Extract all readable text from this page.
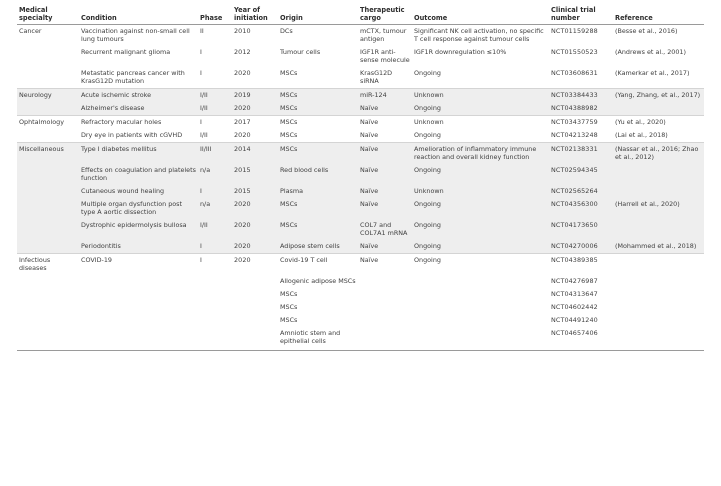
Medical specialty	Condition	Phase	Year of initiation	Origin	Therapeutic cargo	Outcome	Clinical trial number	Reference
Cancer	Vaccination against non-small cell lung tumours	II	2010	DCs	mCTX, tumour antigen	Significant NK cell activation, no specific T cell response against tumour cells	NCT01159288	(Besse et al., 2016)
	Recurrent malignant glioma	I	2012	Tumour cells	IGF1R anti-sense molecule	IGF1R downregulation ≤10%	NCT01550523	(Andrews et al., 2001)
	Metastatic pancreas cancer with KrasG12D mutation	I	2020	MSCs	KrasG12D siRNA	Ongoing	NCT03608631	(Kamerkar et al., 2017)
Neurology	Acute ischemic stroke	I/II	2019	MSCs	miR-124	Unknown	NCT03384433	(Yang, Zhang, et al., 2017)
	Alzheimer's disease	I/II	2020	MSCs	Naïve	Ongoing	NCT04388982	
Ophtalmology	Refractory macular holes	I	2017	MSCs	Naïve	Unknown	NCT03437759	(Yu et al., 2020)
	Dry eye in patients with cGVHD	I/II	2020	MSCs	Naïve	Ongoing	NCT04213248	(Lai et al., 2018)
Miscellaneous	Type I diabetes mellitus	II/III	2014	MSCs	Naïve	Amelioration of inflammatory immune reaction and overall kidney function	NCT02138331	(Nassar et al., 2016; Zhao et al., 2012)
	Effects on coagulation and platelets function	n/a	2015	Red blood cells	Naïve	Ongoing	NCT02594345	
	Cutaneous wound healing	I	2015	Plasma	Naïve	Unknown	NCT02565264	
	Multiple organ dysfunction post type A aortic dissection	n/a	2020	MSCs	Naïve	Ongoing	NCT04356300	(Harrell et al., 2020)
	Dystrophic epidermolysis bullosa	I/II	2020	MSCs	COL7 and COL7A1 mRNA	Ongoing	NCT04173650	
	Periodontitis	I	2020	Adipose stem cells	Naïve	Ongoing	NCT04270006	(Mohammed et al., 2018)
Infectious diseases	COVID-19	I	2020	Covid-19 T cell	Naïve	Ongoing	NCT04389385	
				Allogenic adipose MSCs			NCT04276987	
				MSCs			NCT04313647	
				MSCs			NCT04602442	
				MSCs			NCT04491240	
				Amniotic stem and epithelial cells			NCT04657406	
